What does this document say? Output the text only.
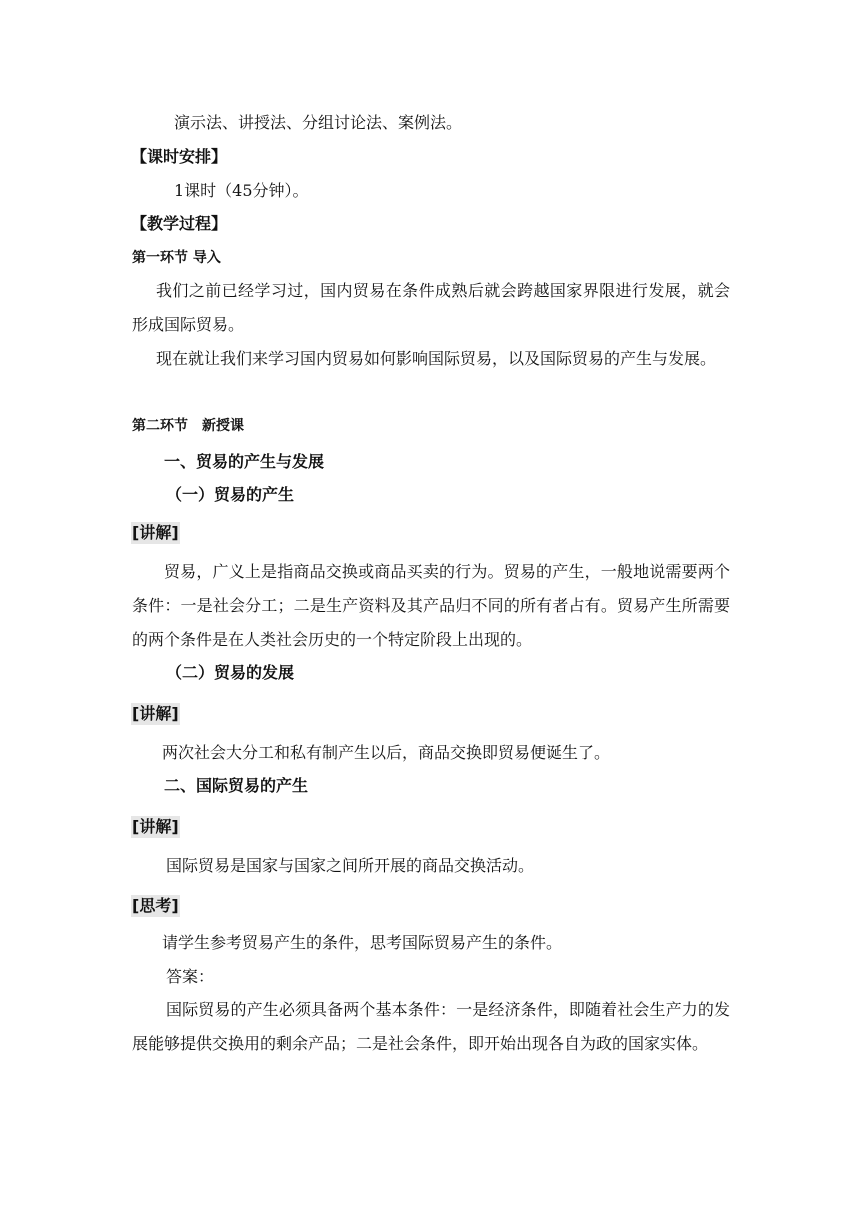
演示法、讲授法、分组讨论法、案例法。
【课时安排】
1课时（45分钟）。
【教学过程】
第一环节 导入
我们之前已经学习过，国内贸易在条件成熟后就会跨越国家界限进行发展，就会形成国际贸易。
现在就让我们来学习国内贸易如何影响国际贸易，以及国际贸易的产生与发展。
第二环节　新授课
一、贸易的产生与发展
（一）贸易的产生
[讲解]
贸易，广义上是指商品交换或商品买卖的行为。贸易的产生，一般地说需要两个条件：一是社会分工；二是生产资料及其产品归不同的所有者占有。贸易产生所需要的两个条件是在人类社会历史的一个特定阶段上出现的。
（二）贸易的发展
[讲解]
两次社会大分工和私有制产生以后，商品交换即贸易便诞生了。
二、国际贸易的产生
[讲解]
国际贸易是国家与国家之间所开展的商品交换活动。
[思考]
请学生参考贸易产生的条件，思考国际贸易产生的条件。
答案：
国际贸易的产生必须具备两个基本条件：一是经济条件，即随着社会生产力的发展能够提供交换用的剩余产品；二是社会条件，即开始出现各自为政的国家实体。
